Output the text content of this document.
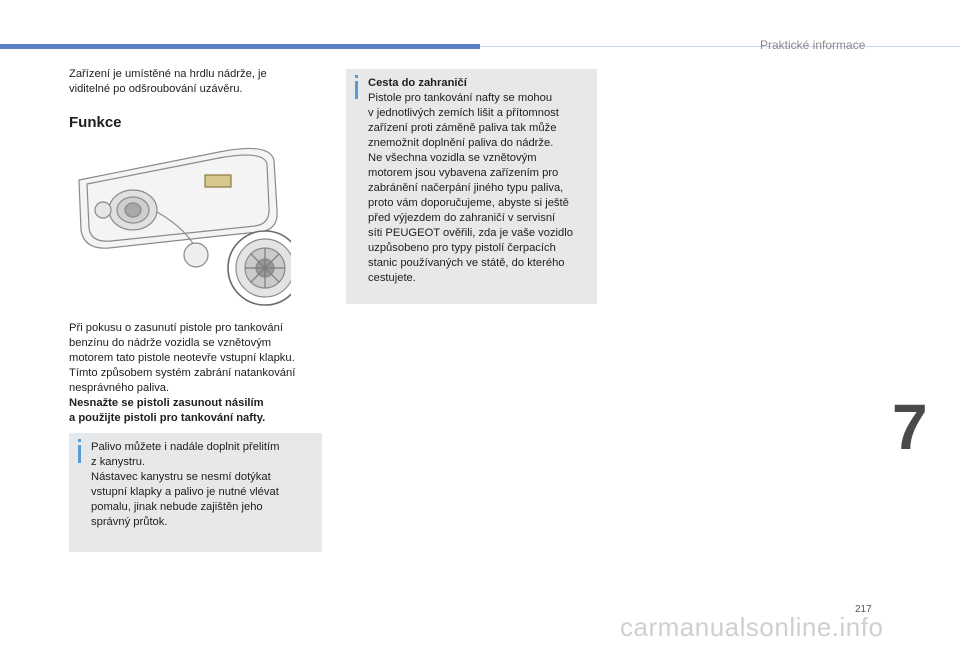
Praktické informace
Zařízení je umístěné na hrdlu nádrže, je
viditelné po odšroubování uzávěru.
Funkce
Při pokusu o zasunutí pistole pro tankování
benzínu do nádrže vozidla se vznětovým
motorem tato pistole neotevře vstupní klapku.
Tímto způsobem systém zabrání natankování
nesprávného paliva.
Nesnažte se pistoli zasunout násilím
a použijte pistoli pro tankování nafty.
Palivo můžete i nadále doplnit přelitím
z kanystru.
Nástavec kanystru se nesmí dotýkat
vstupní klapky a palivo je nutné vlévat
pomalu, jinak nebude zajištěn jeho
správný průtok.
Cesta do zahraničí
Pistole pro tankování nafty se mohou
v jednotlivých zemích lišit a přítomnost
zařízení proti záměně paliva tak může
znemožnit doplnění paliva do nádrže.
Ne všechna vozidla se vznětovým
motorem jsou vybavena zařízením pro
zabránění načerpání jiného typu paliva,
proto vám doporučujeme, abyste si ještě
před výjezdem do zahraničí v servisní
síti PEUGEOT ověřili, zda je vaše vozidlo
uzpůsobeno pro typy pistolí čerpacích
stanic používaných ve státě, do kterého
cestujete.
7
217
carmanualsonline.info
